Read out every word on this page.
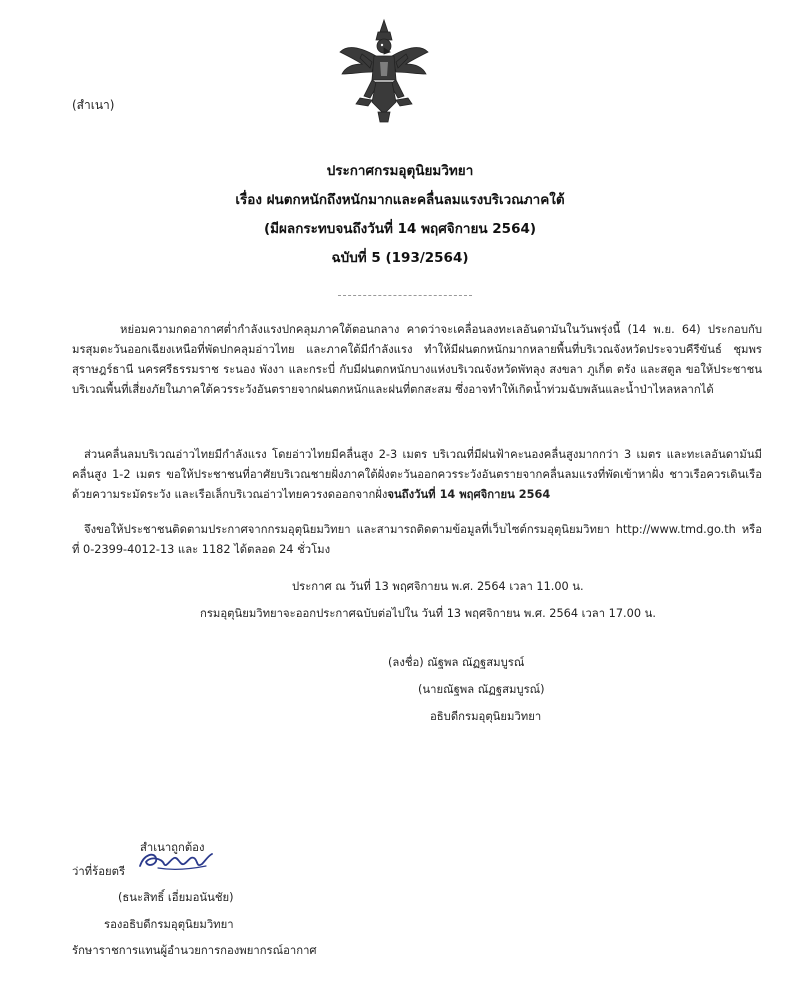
(สำเนา)
ประกาศกรมอุตุนิยมวิทยา
เรื่อง ฝนตกหนักถึงหนักมากและคลื่นลมแรงบริเวณภาคใต้
(มีผลกระทบจนถึงวันที่ 14 พฤศจิกายน 2564)
ฉบับที่ 5 (193/2564)
หย่อมความกดอากาศต่ำกำลังแรงปกคลุมภาคใต้ตอนกลาง คาดว่าจะเคลื่อนลงทะเลอันดามันในวันพรุ่งนี้ (14 พ.ย. 64) ประกอบกับมรสุมตะวันออกเฉียงเหนือที่พัดปกคลุมอ่าวไทย และภาคใต้มีกำลังแรง ทำให้มีฝนตกหนักมากหลายพื้นที่บริเวณจังหวัดประจวบคีรีขันธ์ ชุมพร สุราษฎร์ธานี นครศรีธรรมราช ระนอง พังงา และกระบี่ กับมีฝนตกหนักบางแห่งบริเวณจังหวัดพัทลุง สงขลา ภูเก็ต ตรัง และสตูล ขอให้ประชาชนบริเวณพื้นที่เสี่ยงภัยในภาคใต้ควรระวังอันตรายจากฝนตกหนักและฝนที่ตกสะสม ซึ่งอาจทำให้เกิดน้ำท่วมฉับพลันและน้ำป่าไหลหลากได้
ส่วนคลื่นลมบริเวณอ่าวไทยมีกำลังแรง โดยอ่าวไทยมีคลื่นสูง 2-3 เมตร บริเวณที่มีฝนฟ้าคะนองคลื่นสูงมากกว่า 3 เมตร และทะเลอันดามันมีคลื่นสูง 1-2 เมตร ขอให้ประชาชนที่อาศัยบริเวณชายฝั่งภาคใต้ฝั่งตะวันออกควรระวังอันตรายจากคลื่นลมแรงที่พัดเข้าหาฝั่ง ชาวเรือควรเดินเรือด้วยความระมัดระวัง และเรือเล็กบริเวณอ่าวไทยควรงดออกจากฝั่งจนถึงวันที่ 14 พฤศจิกายน 2564
จึงขอให้ประชาชนติดตามประกาศจากกรมอุตุนิยมวิทยา และสามารถติดตามข้อมูลที่เว็บไซต์กรมอุตุนิยมวิทยา http://www.tmd.go.th หรือที่ 0-2399-4012-13 และ 1182 ได้ตลอด 24 ชั่วโมง
ประกาศ ณ วันที่ 13 พฤศจิกายน พ.ศ. 2564 เวลา 11.00 น.
กรมอุตุนิยมวิทยาจะออกประกาศฉบับต่อไปใน วันที่ 13 พฤศจิกายน พ.ศ. 2564 เวลา 17.00 น.
(ลงชื่อ) ณัฐพล ณัฏฐสมบูรณ์
(นายณัฐพล ณัฏฐสมบูรณ์)
อธิบดีกรมอุตุนิยมวิทยา
สำเนาถูกต้อง
ว่าที่ร้อยตรี
(ธนะสิทธิ์ เอี่ยมอนันชัย)
รองอธิบดีกรมอุตุนิยมวิทยา
รักษาราชการแทนผู้อำนวยการกองพยากรณ์อากาศ
